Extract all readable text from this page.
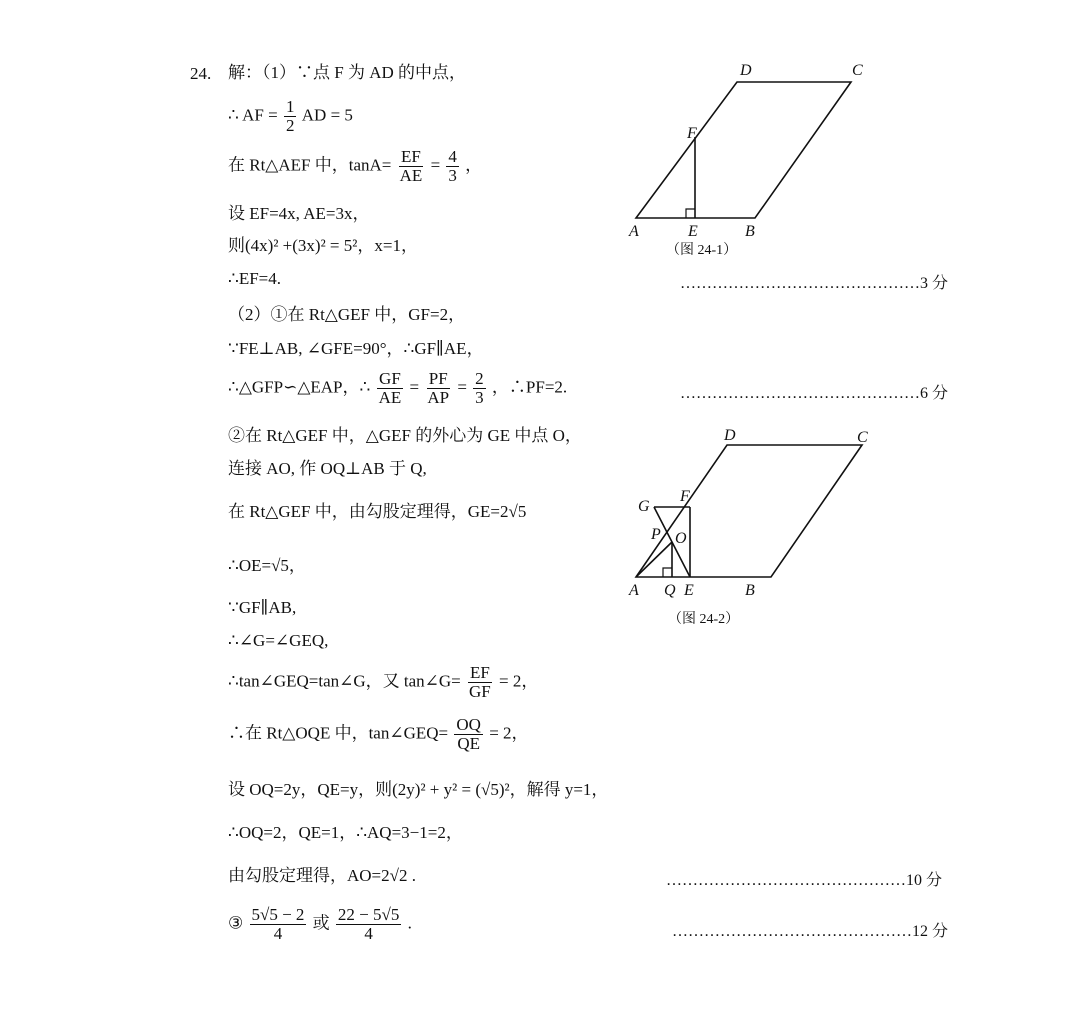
24. 解：（1）∵点 F 为 AD 的中点，
∴ AF = $\frac{1}{2}$ AD = 5
在 Rt△AEF 中，$\tan A= \frac{EF}{AE} = \frac{4}{3}$ ，
设 EF=4x, AE=3x，
则(4x)² +(3x)² = 5²，x=1，
∴EF=4.	………………………………………3 分
（2）①在 Rt△GEF 中，GF=2，
∵FE⊥AB, ∠GFE=90°，∴GF∥AE，
∴△GFP∽△EAP，∴ $\frac{GF}{AE} = \frac{PF}{AP} = \frac{2}{3}$ ，∴PF=2.	………………………………………6 分
②在 Rt△GEF 中，△GEF 的外心为 GE 中点 O，
连接 AO, 作 OQ⊥AB 于 Q,
在 Rt△GEF 中，由勾股定理得，GE=2√5
∴OE=√5，
∵GF∥AB,
∴∠G=∠GEQ,
∴tan∠GEQ=tan∠G，又 tan∠G= $\frac{EF}{GF} = 2$，
∴在 Rt△OQE 中，tan∠GEQ= $\frac{OQ}{QE} = 2$，
设 OQ=2y，QE=y，则(2y)² + y² = (√5)²，解得 y=1，
∴OQ=2，QE=1，∴AQ=3−1=2，
由勾股定理得，AO=2√2 .	………………………………………10 分
③ $\frac{5√5 - 2}{4}$ 或 $\frac{22 - 5√5}{4}$ .	………………………………………12 分
D	C
F
A	E	B
（图 24-1）
D	C
G
F
P O
A Q E	B
（图 24-2）
